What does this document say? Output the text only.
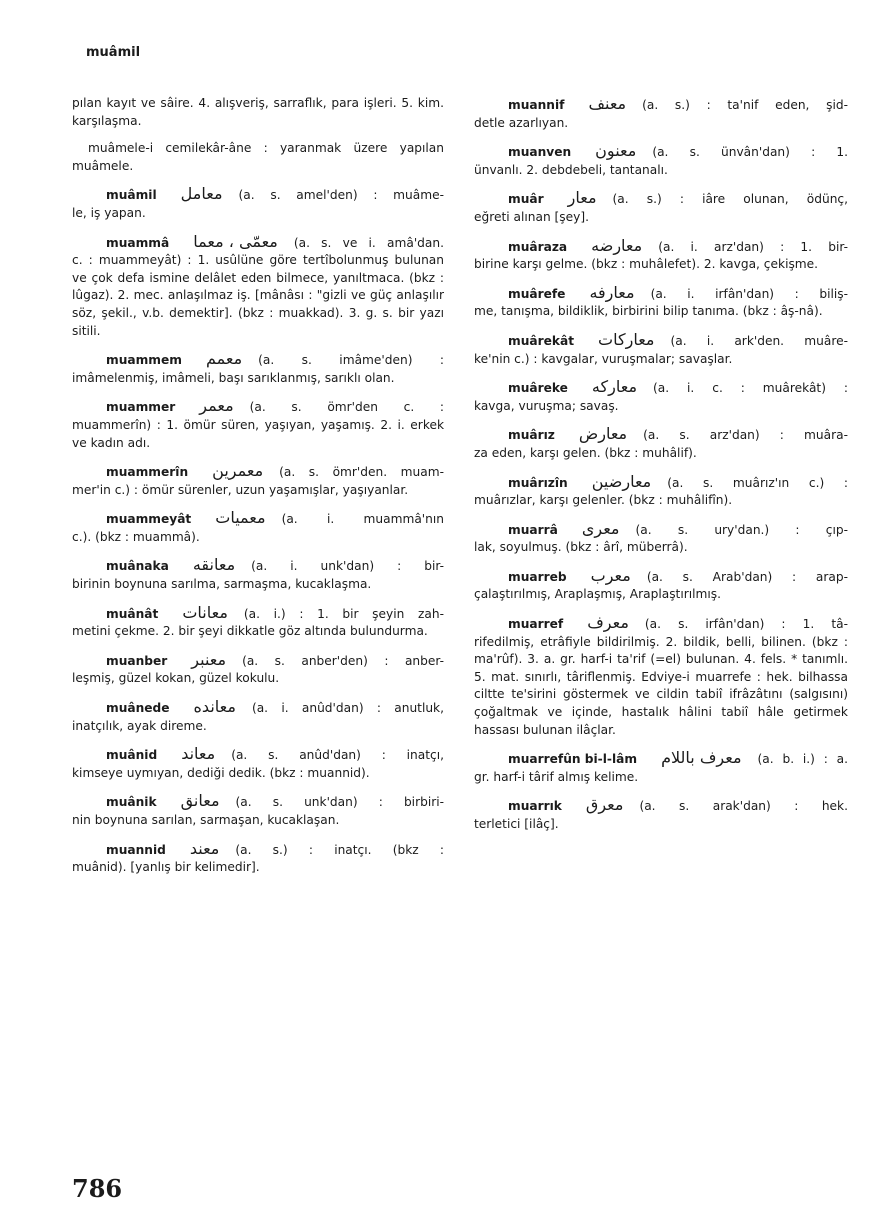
muâmil
pılan kayıt ve sâire. 4. alışveriş, sarraflık, para işleri. 5. kim. karşılaşma.
muâmele-i cemilekâr-âne : yaranmak üzere yapılan muâmele.
muâmil معامل (a. s. amel'den) : muâme-
le, iş yapan.
muammâ معمّى ، معما (a. s. ve i. amâ'dan.
c. : muammeyât) : 1. usûlüne göre tertîbolunmuş bulunan ve çok defa ismine delâlet eden bilmece, yanıltmaca. (bkz : lûgaz). 2. mec. anlaşılmaz iş. [mânâsı : "gizli ve güç anlaşılır söz, şekil., v.b. demektir]. (bkz : muakkad). 3. g. s. bir yazı sitili.
muammem معمم (a. s. imâme'den) :
imâmelenmiş, imâmeli, başı sarıklanmış, sarıklı olan.
muammer معمر (a. s. ömr'den c. :
muammerîn) : 1. ömür süren, yaşıyan, yaşamış. 2. i. erkek ve kadın adı.
muammerîn معمرين (a. s. ömr'den. muam-
mer'in c.) : ömür sürenler, uzun yaşamışlar, yaşıyanlar.
muammeyât معميات (a. i. muammâ'nın
c.). (bkz : muammâ).
muânaka معانقه (a. i. unk'dan) : bir-
birinin boynuna sarılma, sarmaşma, kucaklaşma.
muânât معانات (a. i.) : 1. bir şeyin zah-
metini çekme. 2. bir şeyi dikkatle göz altında bulundurma.
muanber معنبر (a. s. anber'den) : anber-
leşmiş, güzel kokan, güzel kokulu.
muânede معانده (a. i. anûd'dan) : anutluk,
inatçılık, ayak direme.
muânid معاند (a. s. anûd'dan) : inatçı,
kimseye uymıyan, dediği dedik. (bkz : muannid).
muânik معانق (a. s. unk'dan) : birbiri-
nin boynuna sarılan, sarmaşan, kucaklaşan.
muannid معند (a. s.) : inatçı. (bkz :
muânid). [yanlış bir kelimedir].
muannif معنف (a. s.) : ta'nif eden, şid-
detle azarlıyan.
muanven معنون (a. s. ünvân'dan) : 1.
ünvanlı. 2. debdebeli, tantanalı.
muâr معار (a. s.) : iâre olunan, ödünç,
eğreti alınan [şey].
muâraza معارضه (a. i. arz'dan) : 1. bir-
birine karşı gelme. (bkz : muhâlefet). 2. kavga, çekişme.
muârefe معارفه (a. i. irfân'dan) : biliş-
me, tanışma, bildiklik, birbirini bilip tanıma. (bkz : âş-nâ).
muârekât معاركات (a. i. ark'den. muâre-
ke'nin c.) : kavgalar, vuruşmalar; savaşlar.
muâreke معاركه (a. i. c. : muârekât) :
kavga, vuruşma; savaş.
muârız معارض (a. s. arz'dan) : muâra-
za eden, karşı gelen. (bkz : muhâlif).
muârızîn معارضين (a. s. muârız'ın c.) :
muârızlar, karşı gelenler. (bkz : muhâlifîn).
muarrâ معرى (a. s. ury'dan.) : çıp-
lak, soyulmuş. (bkz : ârî, müberrâ).
muarreb معرب (a. s. Arab'dan) : arap-
çalaştırılmış, Araplaşmış, Araplaştırılmış.
muarref معرف (a. s. irfân'dan) : 1. tâ-
rifedilmiş, etrâfiyle bildirilmiş. 2. bildik, belli, bilinen. (bkz : ma'rûf). 3. a. gr. harf-i ta'rif (=el) bulunan. 4. fels. * tanımlı. 5. mat. sınırlı, târiflenmiş. Edviye-i muarrefe : hek. bilhassa ciltte te'sirini göstermek ve cildin tabiî ifrâzâtını (salgısını) çoğaltmak ve içinde, hastalık hâlini tabiî hâle getirmek hassası bulunan ilâçlar.
muarrefûn bi-l-lâm معرف باللام (a. b. i.) : a.
gr. harf-i târif almış kelime.
muarrık معرق (a. s. arak'dan) : hek.
terletici [ilâç].
786
